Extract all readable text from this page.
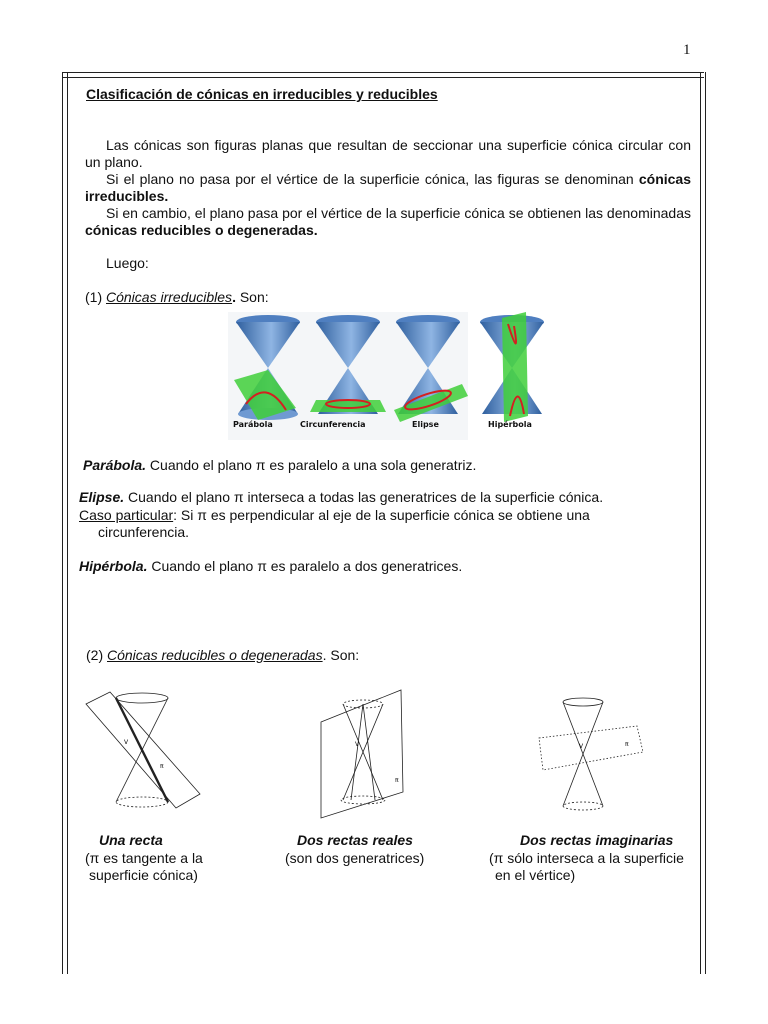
1
Clasificación de cónicas en irreducibles y reducibles
Las cónicas son figuras planas que resultan de seccionar una superficie cónica circular con un plano.
Si el plano no pasa por el vértice de la superficie cónica, las figuras se denominan cónicas irreducibles.
Si en cambio, el plano pasa por el vértice de la superficie cónica se obtienen las denominadas cónicas reducibles o degeneradas.
Luego:
(1) Cónicas irreducibles. Son:
Parábola	Circunferencia	Elipse	Hipérbola
Parábola. Cuando el plano π es paralelo a una sola generatriz.
Elipse. Cuando el plano π interseca a todas las generatrices de la superficie cónica.
Caso particular: Si π es perpendicular al eje de la superficie cónica se obtiene una
circunferencia.
Hipérbola. Cuando el plano π es paralelo a dos generatrices.
(2) Cónicas reducibles o degeneradas. Son:
V
π
V
π
V	π
Una recta
(π es tangente a la
superficie cónica)
Dos rectas reales
(son dos generatrices)
Dos rectas imaginarias
(π sólo interseca a la superficie
en el vértice)
